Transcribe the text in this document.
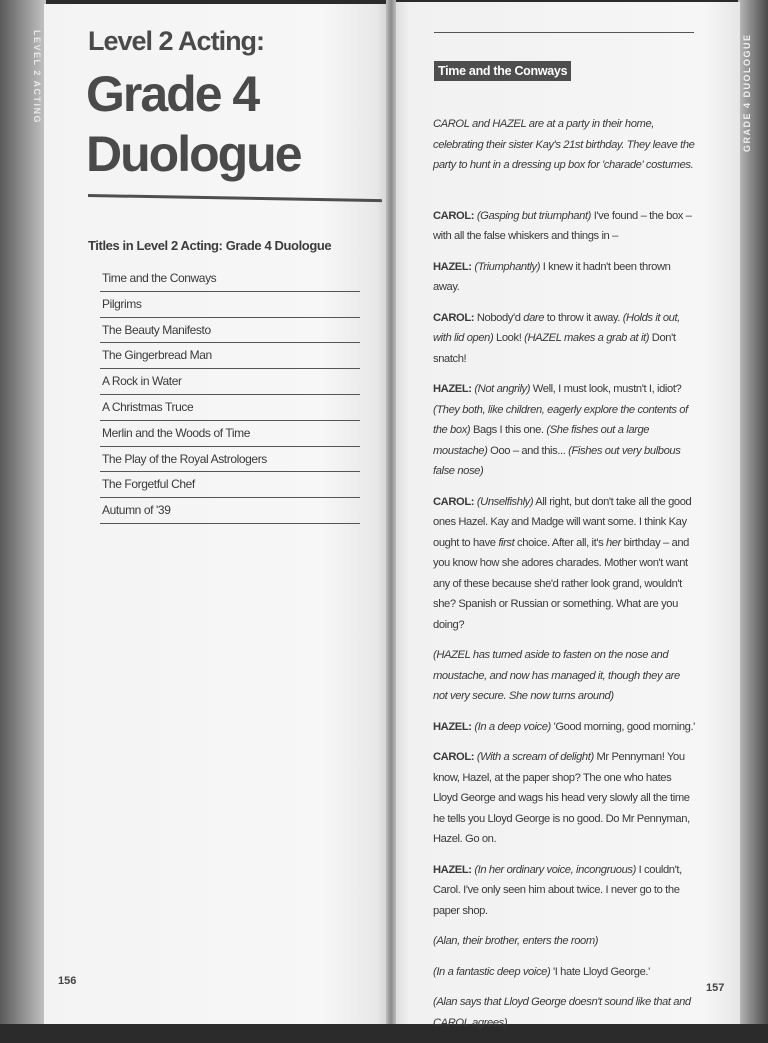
LEVEL 2 ACTING	GRADE 4 DUOLOGUE
Level 2 Acting:
Grade 4
Duologue
Titles in Level 2 Acting: Grade 4 Duologue
Time and the Conways
Pilgrims
The Beauty Manifesto
The Gingerbread Man
A Rock in Water
A Christmas Truce
Merlin and the Woods of Time
The Play of the Royal Astrologers
The Forgetful Chef
Autumn of '39
156
Time and the Conways

CAROL and HAZEL are at a party in their home, celebrating their sister Kay's 21st birthday. They leave the party to hunt in a dressing up box for 'charade' costumes.

CAROL: (Gasping but triumphant) I've found – the box – with all the false whiskers and things in –

HAZEL: (Triumphantly) I knew it hadn't been thrown away.

CAROL: Nobody'd dare to throw it away. (Holds it out, with lid open) Look! (HAZEL makes a grab at it) Don't snatch!

HAZEL: (Not angrily) Well, I must look, mustn't I, idiot? (They both, like children, eagerly explore the contents of the box) Bags I this one. (She fishes out a large moustache) Ooo – and this... (Fishes out very bulbous false nose)

CAROL: (Unselfishly) All right, but don't take all the good ones Hazel. Kay and Madge will want some. I think Kay ought to have first choice. After all, it's her birthday – and you know how she adores charades. Mother won't want any of these because she'd rather look grand, wouldn't she? Spanish or Russian or something. What are you doing?

(HAZEL has turned aside to fasten on the nose and moustache, and now has managed it, though they are not very secure. She now turns around)

HAZEL: (In a deep voice) 'Good morning, good morning.'

CAROL: (With a scream of delight) Mr Pennyman! You know, Hazel, at the paper shop? The one who hates Lloyd George and wags his head very slowly all the time he tells you Lloyd George is no good. Do Mr Pennyman, Hazel. Go on.

HAZEL: (In her ordinary voice, incongruous) I couldn't, Carol. I've only seen him about twice. I never go to the paper shop.

(Alan, their brother, enters the room)

(In a fantastic deep voice) 'I hate Lloyd George.'

(Alan says that Lloyd George doesn't sound like that and CAROL agrees)

157
